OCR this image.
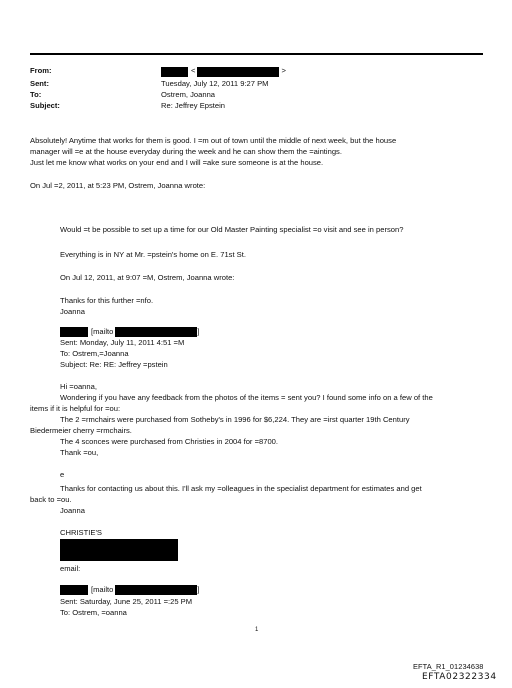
From:	<	>
Sent:	Tuesday, July 12, 2011 9:27 PM
To:	Ostrem, Joanna
Subject:	Re: Jeffrey Epstein
Absolutely! Anytime that works for them is good. I =m out of town until the middle of next week, but the house
manager will =e at the house everyday during the week and he can show them the =aintings.
Just let me know what works on your end and I will =ake sure someone is at the house.
On Jul =2, 2011, at 5:23 PM, Ostrem, Joanna wrote:
Would =t be possible to set up a time for our Old Master Painting specialist =o visit and see in person?
Everything is in NY at Mr. =pstein's home on E. 71st St.
On Jul 12, 2011, at 9:07 =M, Ostrem, Joanna wrote:
Thanks for this further =nfo.
Joanna
[mailto	]
Sent: Monday, July 11, 2011 4:51 =M
To: Ostrem,=Joanna
Subject: Re: RE: Jeffrey =pstein
Hi =oanna,
Wondering if you have any feedback from the photos of the items = sent you? I found some info on a few of the
items if it is helpful for =ou:
The 2 =rmchairs were purchased from Sotheby's in 1996 for $6,224. They are =irst quarter 19th Century
Biedermeier cherry =rmchairs.
The 4 sconces were purchased from Christies in 2004 for =8700.
Thank =ou,
e
Thanks for contacting us about this. I'll ask my =olleagues in the specialist department for estimates and get
back to =ou.
Joanna
CHRISTIE'S
email:
[mailto	]
Sent: Saturday, June 25, 2011 =:25 PM
To: Ostrem, =oanna
1
EFTA_R1_01234638
EFTA02322334
